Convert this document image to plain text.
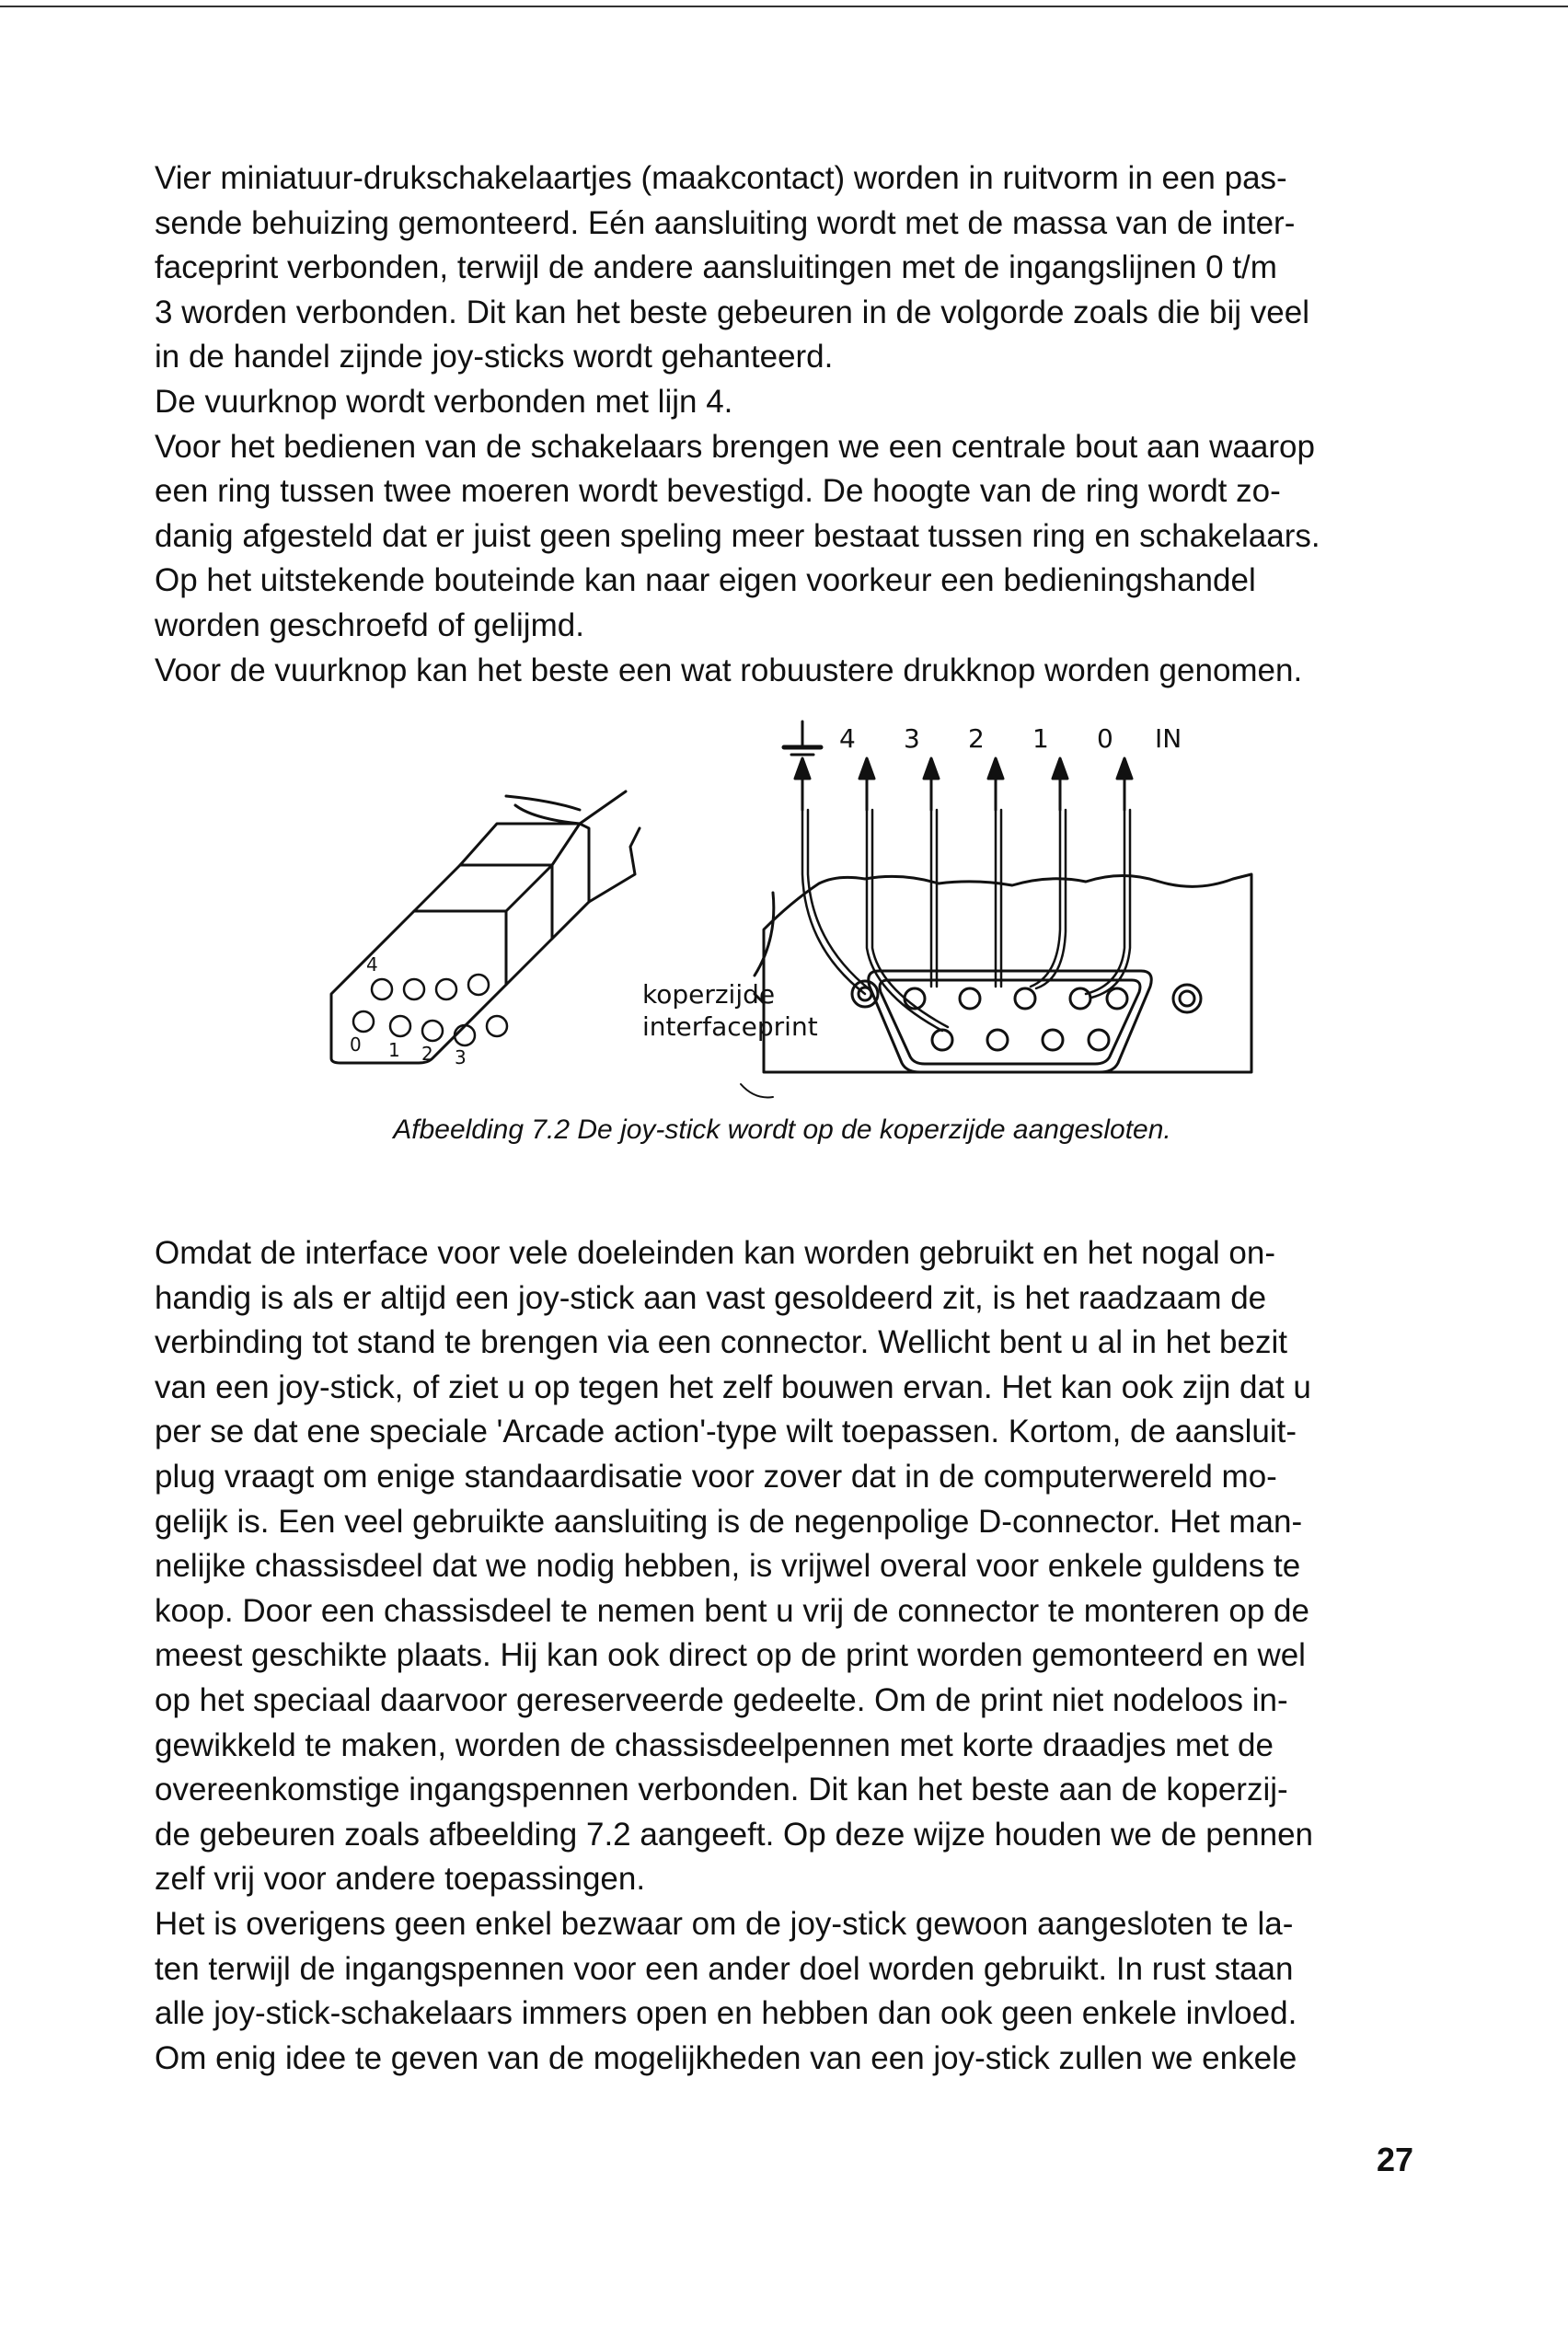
Vier miniatuur-drukschakelaartjes (maakcontact) worden in ruitvorm in een pas-

sende behuizing gemonteerd. Eén aansluiting wordt met de massa van de inter-

faceprint verbonden, terwijl de andere aansluitingen met de ingangslijnen 0 t/m

3 worden verbonden. Dit kan het beste gebeuren in de volgorde zoals die bij veel

in de handel zijnde joy-sticks wordt gehanteerd.

De vuurknop wordt verbonden met lijn 4.

Voor het bedienen van de schakelaars brengen we een centrale bout aan waarop

een ring tussen twee moeren wordt bevestigd. De hoogte van de ring wordt zo-

danig afgesteld dat er juist geen speling meer bestaat tussen ring en schakelaars.

Op het uitstekende bouteinde kan naar eigen voorkeur een bedieningshandel

worden geschroefd of gelijmd.

Voor de vuurknop kan het beste een wat robuustere drukknop worden genomen.

4 3 2 1 0 IN
4
0 1 2 3
koperzijde
interfaceprint
Afbeelding 7.2 De joy-stick wordt op de koperzijde aangesloten.

Omdat de interface voor vele doeleinden kan worden gebruikt en het nogal on-

handig is als er altijd een joy-stick aan vast gesoldeerd zit, is het raadzaam de

verbinding tot stand te brengen via een connector. Wellicht bent u al in het bezit

van een joy-stick, of ziet u op tegen het zelf bouwen ervan. Het kan ook zijn dat u

per se dat ene speciale 'Arcade action'-type wilt toepassen. Kortom, de aansluit-

plug vraagt om enige standaardisatie voor zover dat in de computerwereld mo-

gelijk is. Een veel gebruikte aansluiting is de negenpolige D-connector. Het man-

nelijke chassisdeel dat we nodig hebben, is vrijwel overal voor enkele guldens te

koop. Door een chassisdeel te nemen bent u vrij de connector te monteren op de

meest geschikte plaats. Hij kan ook direct op de print worden gemonteerd en wel

op het speciaal daarvoor gereserveerde gedeelte. Om de print niet nodeloos in-

gewikkeld te maken, worden de chassisdeelpennen met korte draadjes met de

overeenkomstige ingangspennen verbonden. Dit kan het beste aan de koperzij-

de gebeuren zoals afbeelding 7.2 aangeeft. Op deze wijze houden we de pennen

zelf vrij voor andere toepassingen.

Het is overigens geen enkel bezwaar om de joy-stick gewoon aangesloten te la-

ten terwijl de ingangspennen voor een ander doel worden gebruikt. In rust staan

alle joy-stick-schakelaars immers open en hebben dan ook geen enkele invloed.

Om enig idee te geven van de mogelijkheden van een joy-stick zullen we enkele

27
